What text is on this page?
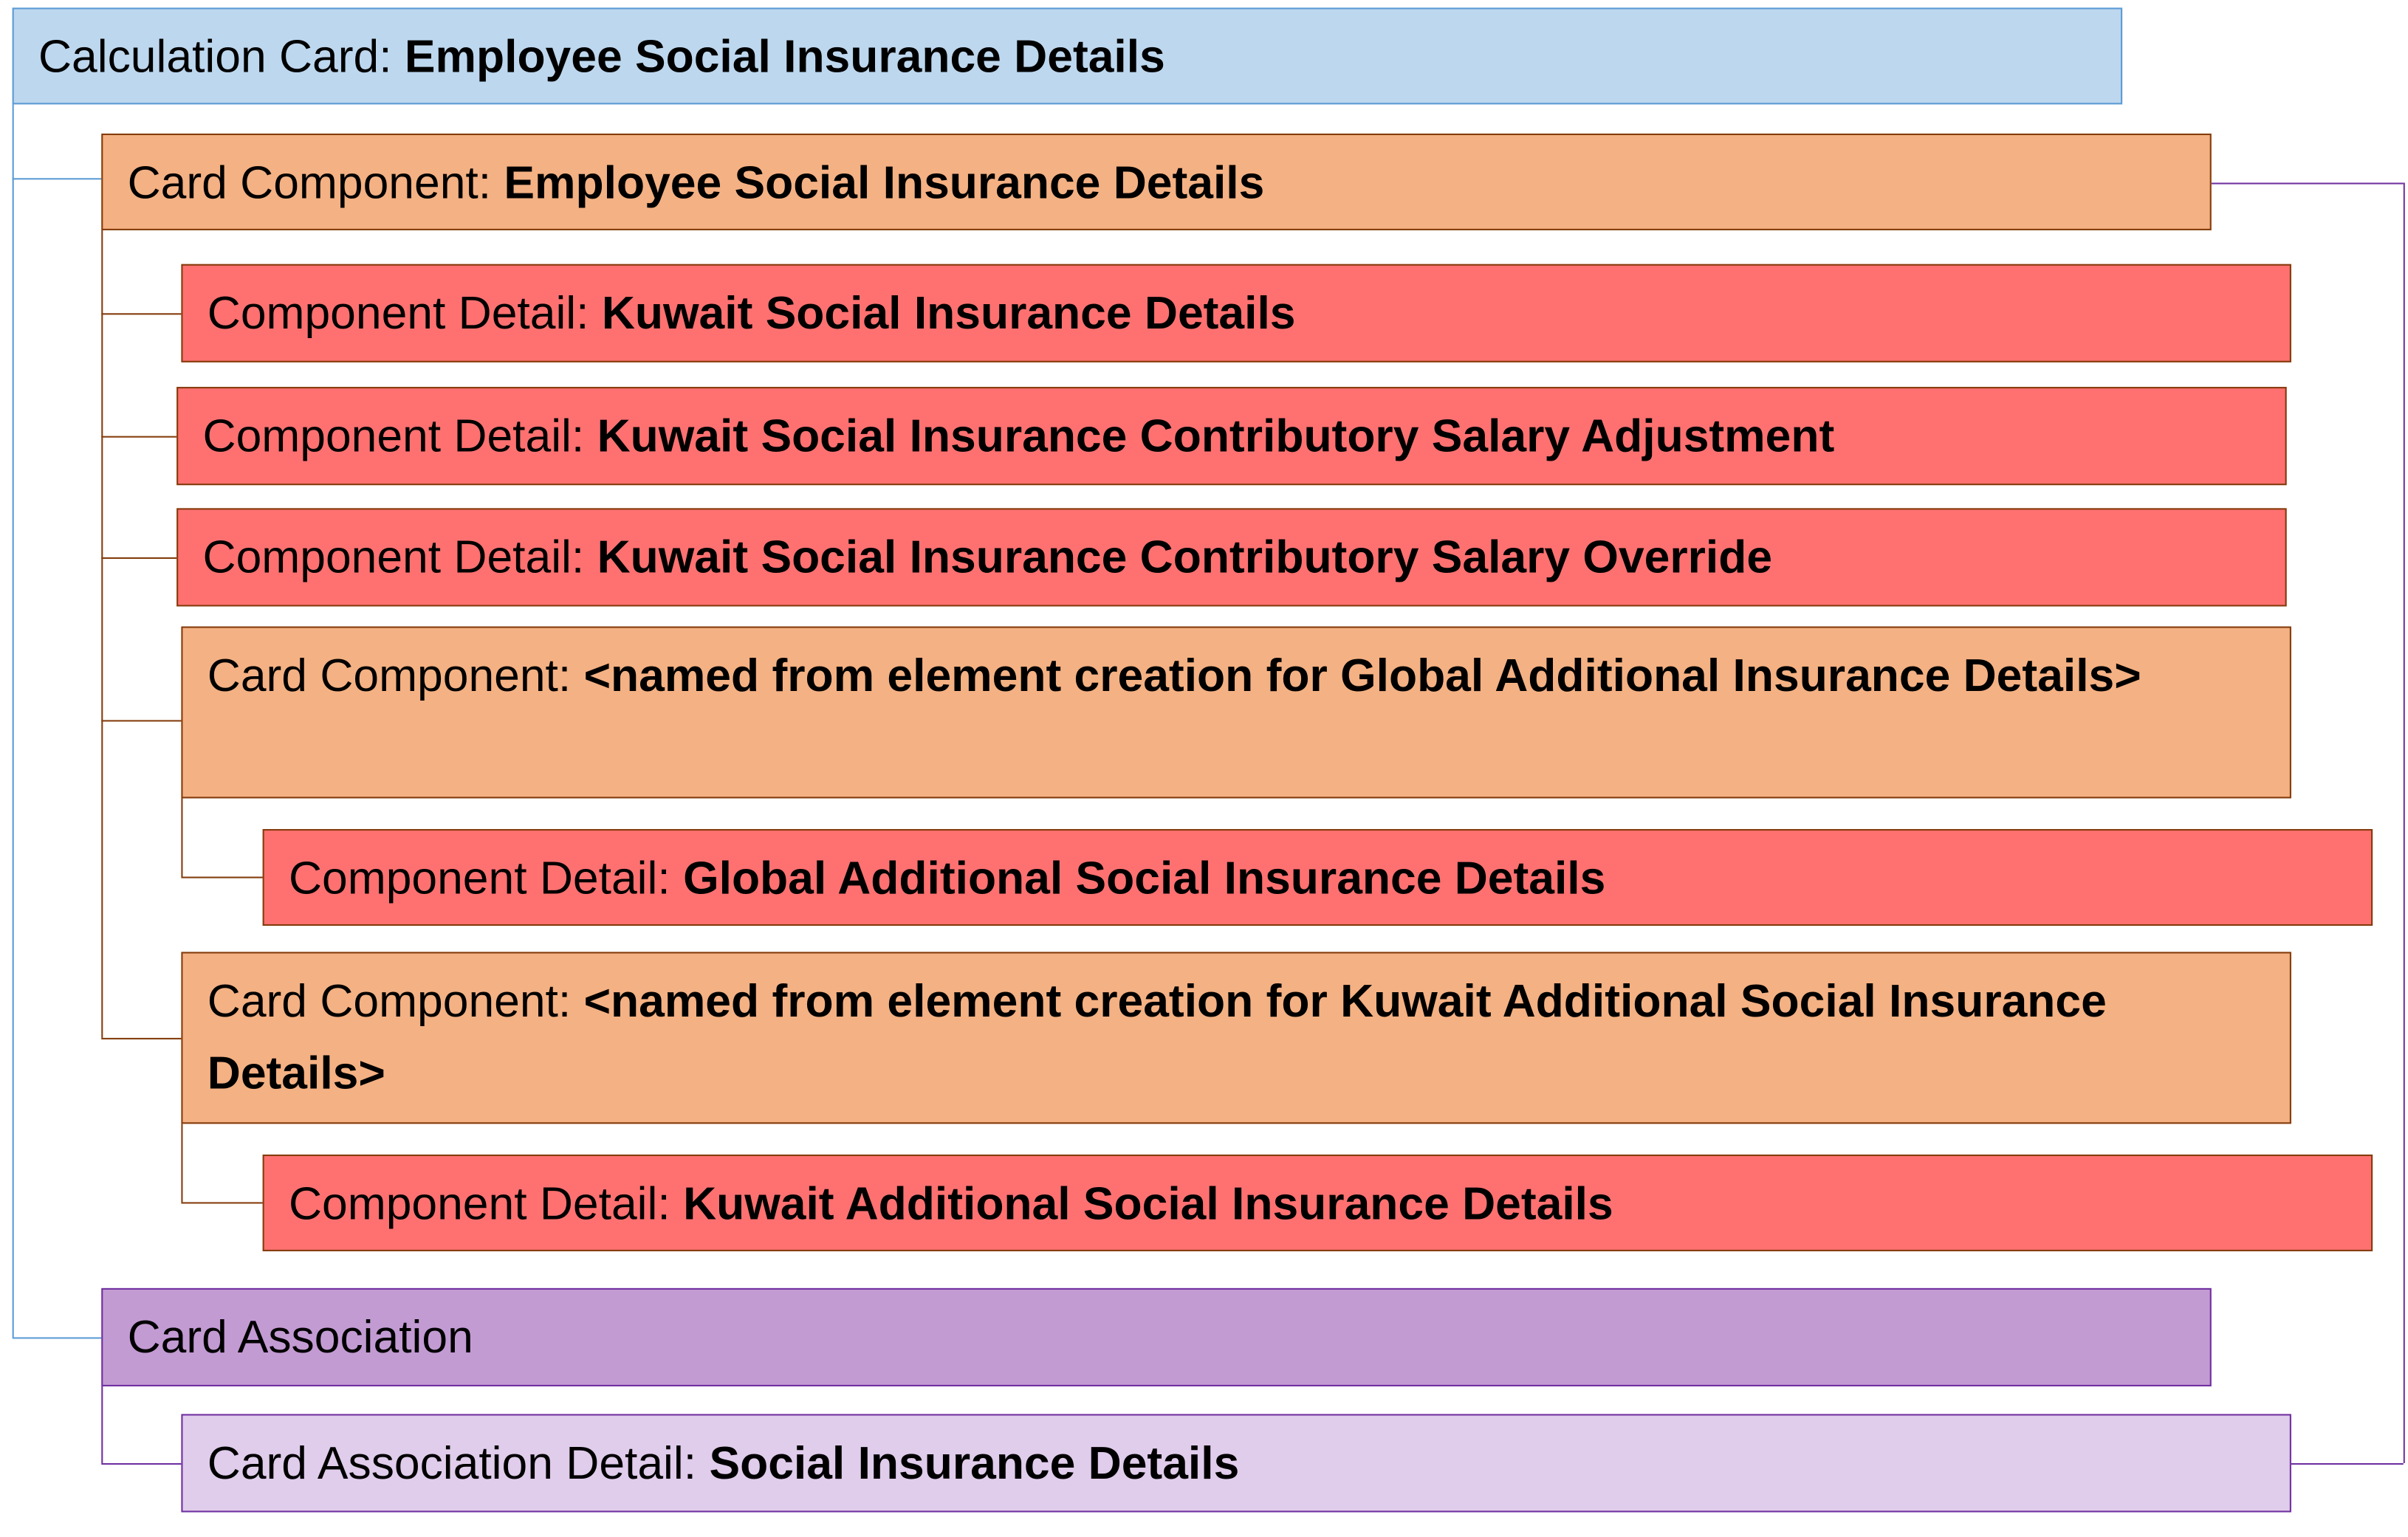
Calculation Card: Employee Social Insurance Details
Card Component: Employee Social Insurance Details
Component Detail: Kuwait Social Insurance Details
Component Detail: Kuwait Social Insurance Contributory Salary Adjustment
Component Detail: Kuwait Social Insurance Contributory Salary Override
Card Component: <named from element creation for Global Additional Insurance Details>
Component Detail: Global Additional Social Insurance Details
Card Component: <named from element creation for Kuwait Additional Social Insurance Details>
Component Detail: Kuwait Additional Social Insurance Details
Card Association
Card Association Detail: Social Insurance Details
